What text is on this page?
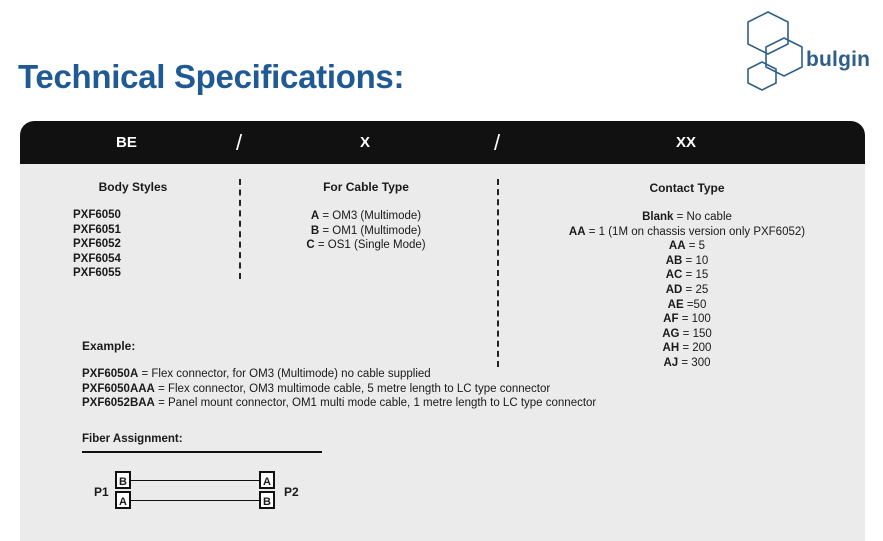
bulgin
Technical Specifications:
BE	/	X	/	XX
Body Styles
PXF6050
PXF6051
PXF6052
PXF6054
PXF6055
For Cable Type
A = OM3 (Multimode)
B = OM1 (Multimode)
C = OS1 (Single Mode)
Contact Type
Blank = No cable
AA = 1 (1M on chassis version only PXF6052)
AA = 5
AB = 10
AC = 15
AD = 25
AE =50
AF = 100
AG = 150
AH = 200
AJ = 300
Example:
PXF6050A = Flex connector, for OM3 (Multimode) no cable supplied
PXF6050AAA = Flex connector, OM3 multimode cable, 5 metre length to LC type connector
PXF6052BAA = Panel mount connector, OM1 multi mode cable, 1 metre length to LC type connector
Fiber Assignment:
P1
B
A
A
B
P2
